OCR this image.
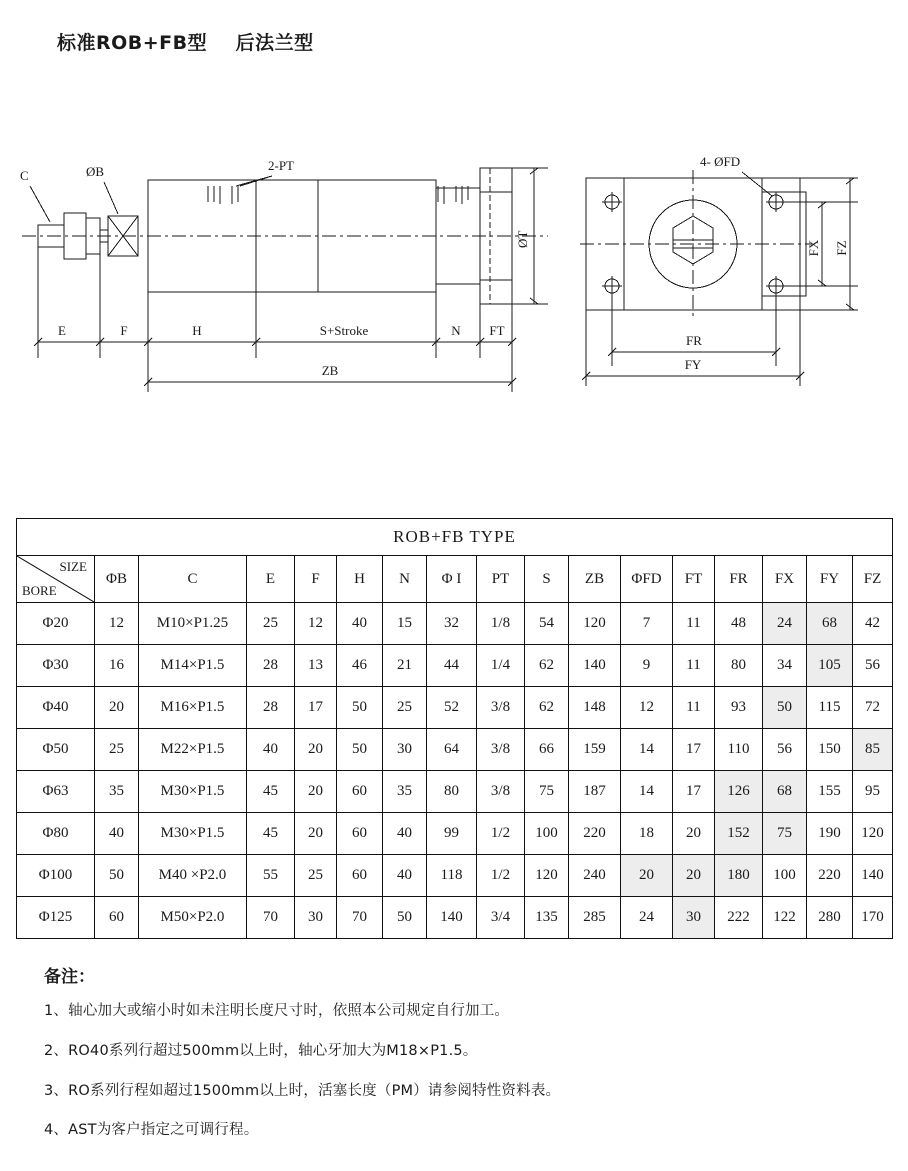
标准ROB+FB型    后法兰型
C	ØB	2-PT
ØT
E	F	H	S+Stroke	N FT
ZB
4- ØFD
FX FZ
FR
FY
ROB+FB TYPE																

SIZE
BORE	ΦB	C	E	F	H	N	Φ I	PT	S	ZB	ΦFD	FT	FR	FX	FY	FZ
Φ20	12	M10×P1.25	25	12	40	15	32	1/8	54	120	7	11	48	24	68	42
Φ30	16	M14×P1.5	28	13	46	21	44	1/4	62	140	9	11	80	34	105	56
Φ40	20	M16×P1.5	28	17	50	25	52	3/8	62	148	12	11	93	50	115	72
Φ50	25	M22×P1.5	40	20	50	30	64	3/8	66	159	14	17	110	56	150	85
Φ63	35	M30×P1.5	45	20	60	35	80	3/8	75	187	14	17	126	68	155	95
Φ80	40	M30×P1.5	45	20	60	40	99	1/2	100	220	18	20	152	75	190	120
Φ100	50	M40 ×P2.0	55	25	60	40	118	1/2	120	240	20	20	180	100	220	140
Φ125	60	M50×P2.0	70	30	70	50	140	3/4	135	285	24	30	222	122	280	170
备注：
1、轴心加大或缩小时如未注明长度尺寸时，依照本公司规定自行加工。
2、RO40系列行超过500mm以上时，轴心牙加大为M18×P1.5。
3、RO系列行程如超过1500mm以上时，活塞长度（PM）请参阅特性资料表。
4、AST为客户指定之可调行程。
